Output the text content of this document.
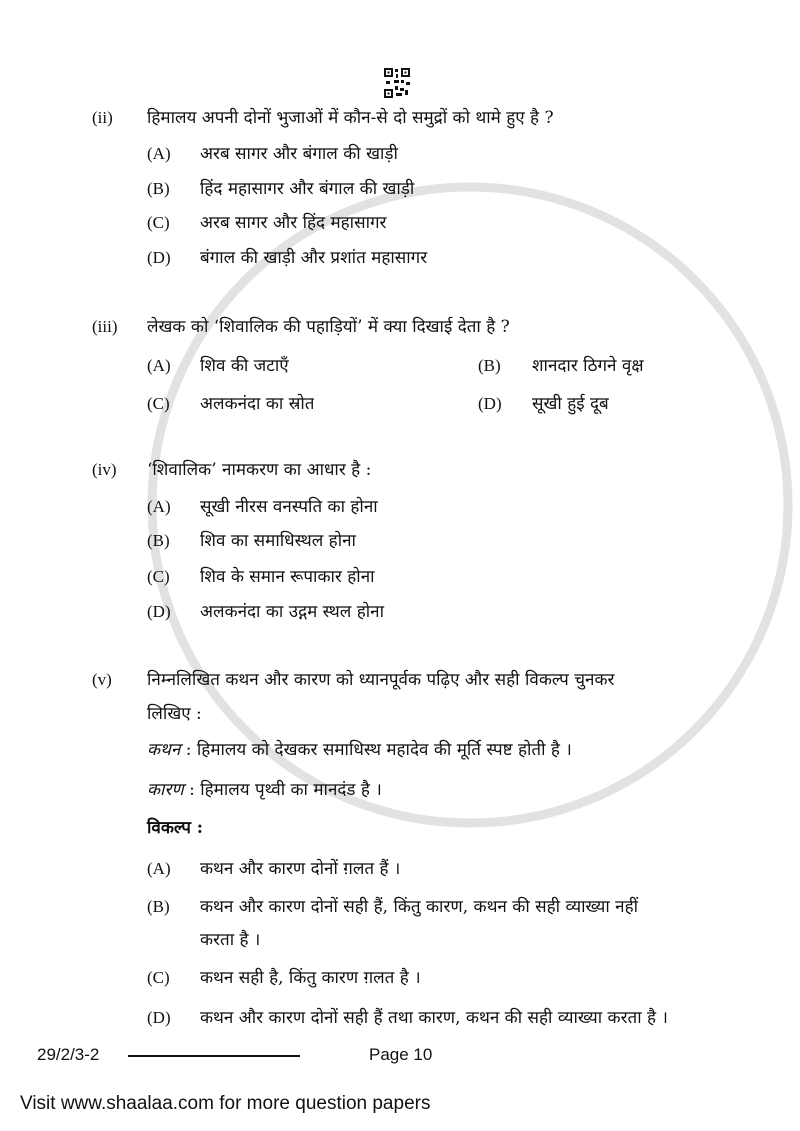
(ii) हिमालय अपनी दोनों भुजाओं में कौन-से दो समुद्रों को थामे हुए है ?
(A) अरब सागर और बंगाल की खाड़ी
(B) हिंद महासागर और बंगाल की खाड़ी
(C) अरब सागर और हिंद महासागर
(D) बंगाल की खाड़ी और प्रशांत महासागर
(iii) लेखक को ‘शिवालिक की पहाड़ियों’ में क्या दिखाई देता है ?
(A) शिव की जटाएँ	(B) शानदार ठिगने वृक्ष
(C) अलकनंदा का स्रोत	(D) सूखी हुई दूब
(iv) ‘शिवालिक’ नामकरण का आधार है :
(A) सूखी नीरस वनस्पति का होना
(B) शिव का समाधिस्थल होना
(C) शिव के समान रूपाकार होना
(D) अलकनंदा का उद्गम स्थल होना
(v) निम्नलिखित कथन और कारण को ध्यानपूर्वक पढ़िए और सही विकल्प चुनकर
लिखिए :
कथन : हिमालय को देखकर समाधिस्थ महादेव की मूर्ति स्पष्ट होती है ।
कारण : हिमालय पृथ्वी का मानदंड है ।
विकल्प :
(A) कथन और कारण दोनों ग़लत हैं ।
(B) कथन और कारण दोनों सही हैं, किंतु कारण, कथन की सही व्याख्या नहीं
करता है ।
(C) कथन सही है, किंतु कारण ग़लत है ।
(D) कथन और कारण दोनों सही हैं तथा कारण, कथन की सही व्याख्या करता है ।
29/2/3-2	Page 10
Visit www.shaalaa.com for more question papers
